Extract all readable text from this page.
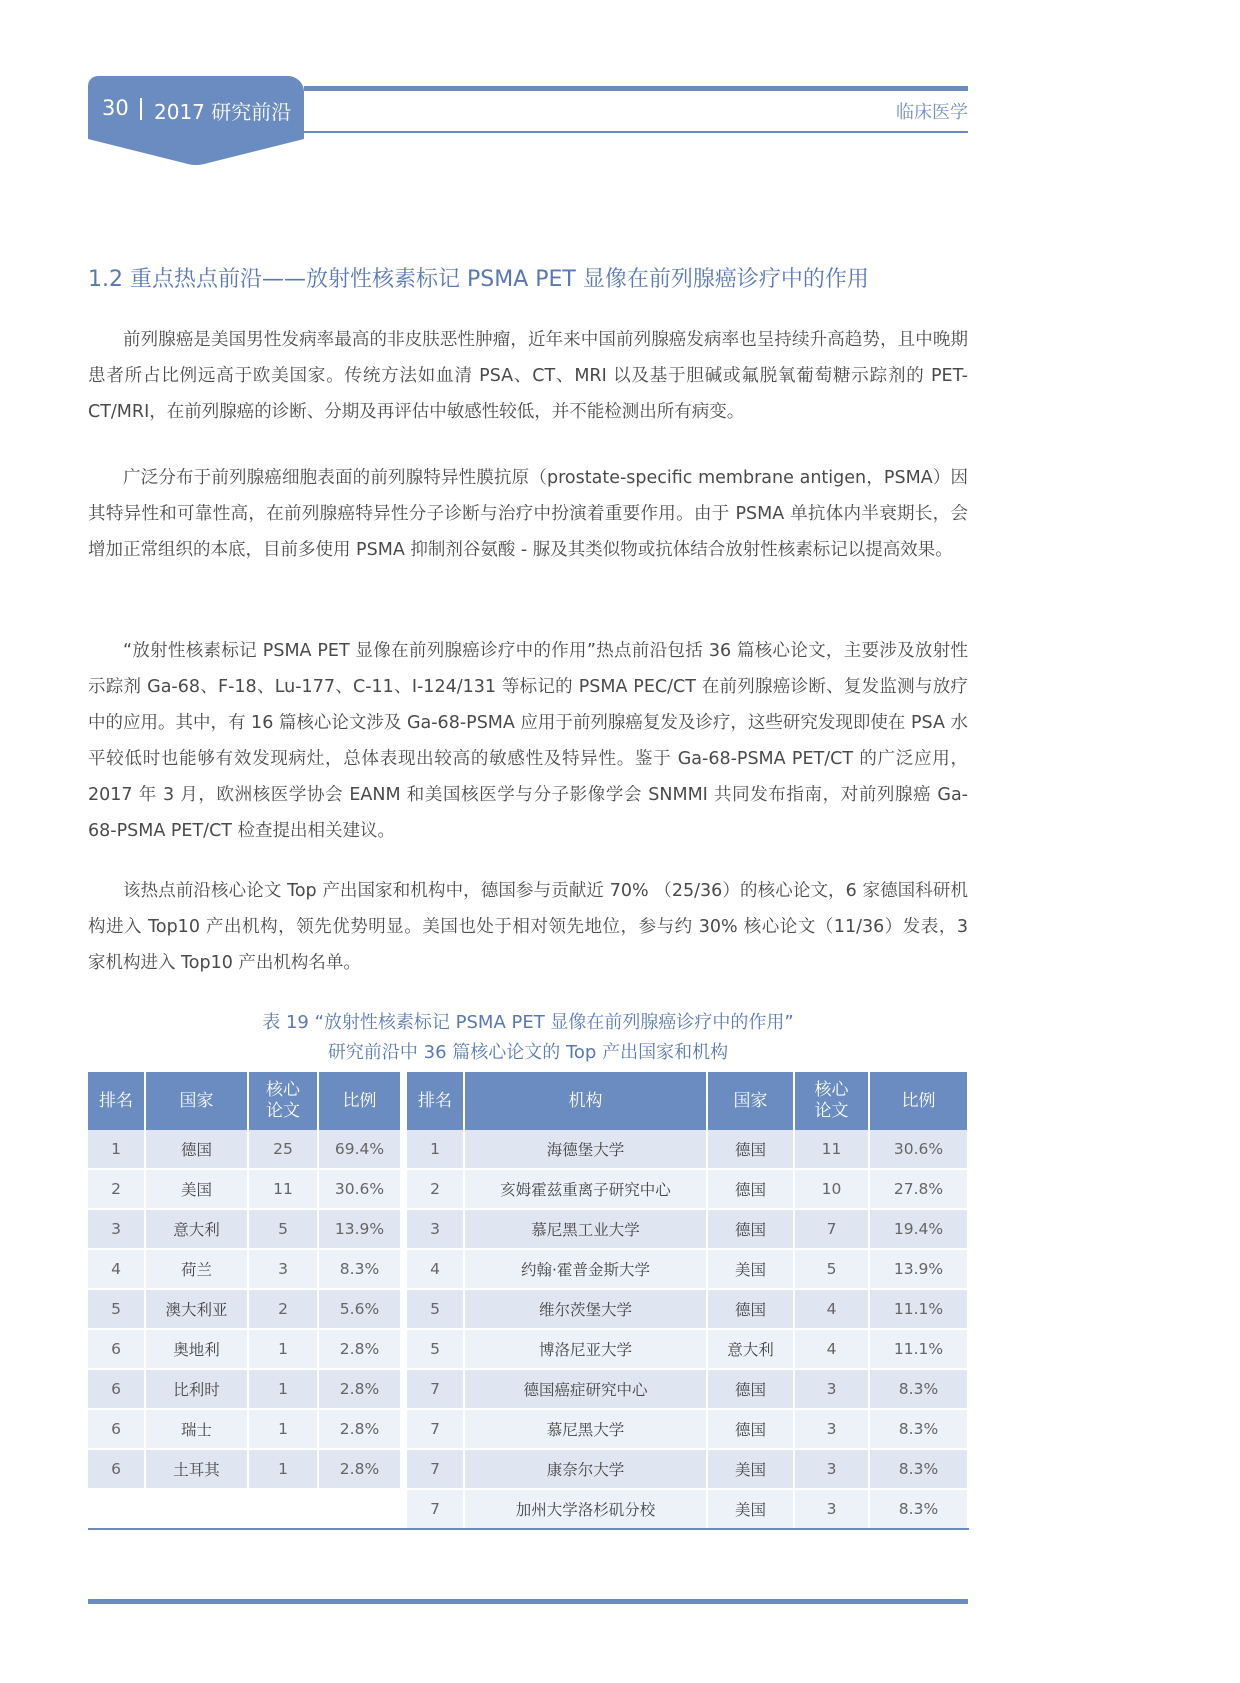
30 2017 研究前沿	临床医学
1.2 重点热点前沿——放射性核素标记 PSMA PET 显像在前列腺癌诊疗中的作用
前列腺癌是美国男性发病率最高的非皮肤恶性肿瘤，近年来中国前列腺癌发病率也呈持续升高趋势，且中晚期患者所占比例远高于欧美国家。传统方法如血清 PSA、CT、MRI 以及基于胆碱或氟脱氧葡萄糖示踪剂的 PET-CT/MRI，在前列腺癌的诊断、分期及再评估中敏感性较低，并不能检测出所有病变。
广泛分布于前列腺癌细胞表面的前列腺特异性膜抗原（prostate-specific membrane antigen，PSMA）因其特异性和可靠性高，在前列腺癌特异性分子诊断与治疗中扮演着重要作用。由于 PSMA 单抗体内半衰期长，会增加正常组织的本底，目前多使用 PSMA 抑制剂谷氨酸 - 脲及其类似物或抗体结合放射性核素标记以提高效果。
“放射性核素标记 PSMA PET 显像在前列腺癌诊疗中的作用”热点前沿包括 36 篇核心论文，主要涉及放射性示踪剂 Ga-68、F-18、Lu-177、C-11、I-124/131 等标记的 PSMA PEC/CT 在前列腺癌诊断、复发监测与放疗中的应用。其中，有 16 篇核心论文涉及 Ga-68-PSMA 应用于前列腺癌复发及诊疗，这些研究发现即使在 PSA 水平较低时也能够有效发现病灶，总体表现出较高的敏感性及特异性。鉴于 Ga-68-PSMA PET/CT 的广泛应用，2017 年 3 月，欧洲核医学协会 EANM 和美国核医学与分子影像学会 SNMMI 共同发布指南，对前列腺癌 Ga-68-PSMA PET/CT 检查提出相关建议。
该热点前沿核心论文 Top 产出国家和机构中，德国参与贡献近 70% （25/36）的核心论文，6 家德国科研机构进入 Top10 产出机构，领先优势明显。美国也处于相对领先地位，参与约 30% 核心论文（11/36）发表，3 家机构进入 Top10 产出机构名单。
表 19 “放射性核素标记 PSMA PET 显像在前列腺癌诊疗中的作用”
研究前沿中 36 篇核心论文的 Top 产出国家和机构
排名	国家	核心论文	比例		排名	机构	国家	核心论文	比例
1	德国	25	69.4%		1	海德堡大学	德国	11	30.6%
2	美国	11	30.6%		2	亥姆霍兹重离子研究中心	德国	10	27.8%
3	意大利	5	13.9%		3	慕尼黑工业大学	德国	7	19.4%
4	荷兰	3	8.3%		4	约翰·霍普金斯大学	美国	5	13.9%
5	澳大利亚	2	5.6%		5	维尔茨堡大学	德国	4	11.1%
6	奥地利	1	2.8%		5	博洛尼亚大学	意大利	4	11.1%
6	比利时	1	2.8%		7	德国癌症研究中心	德国	3	8.3%
6	瑞士	1	2.8%		7	慕尼黑大学	德国	3	8.3%
6	土耳其	1	2.8%		7	康奈尔大学	美国	3	8.3%
					7	加州大学洛杉矶分校	美国	3	8.3%
